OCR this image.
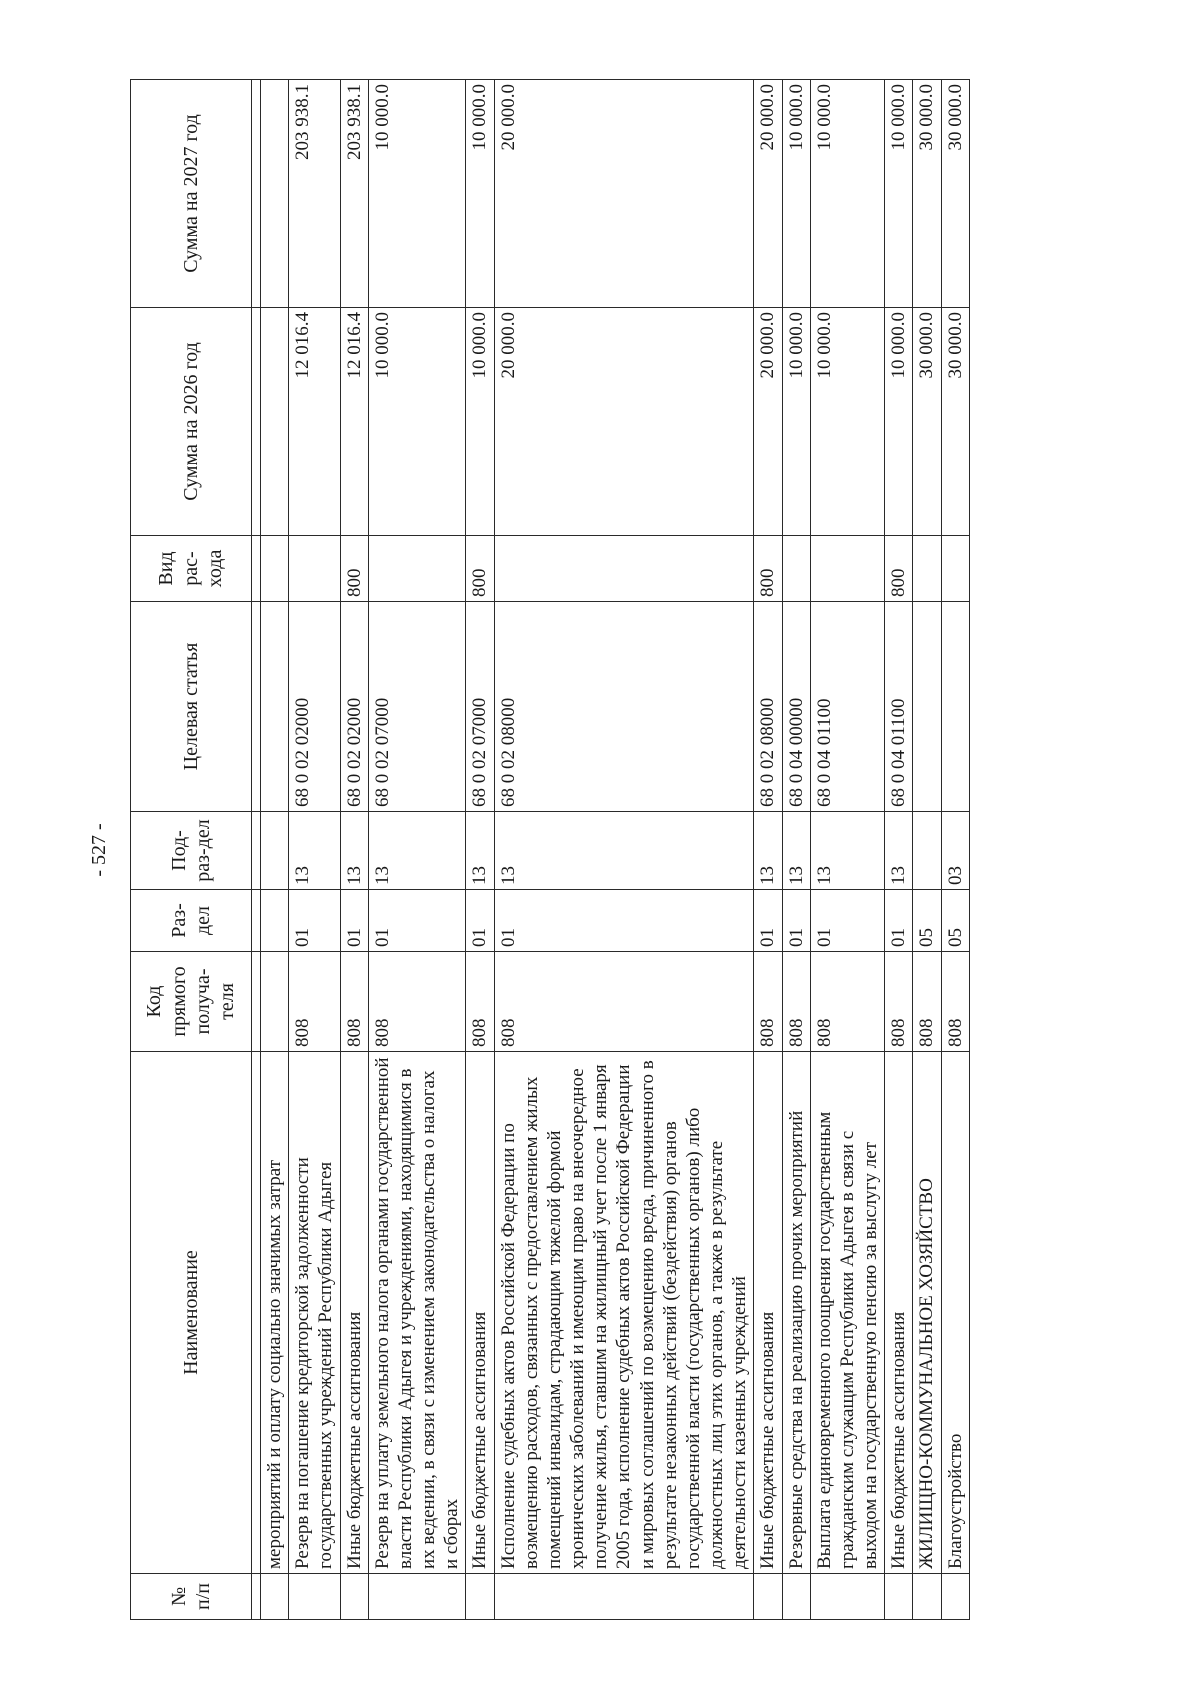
- 527 -
№ п/п	Наименование	Код прямого получа-теля	Раз-дел	Под-раз-дел	Целевая статья	Вид рас-хода	Сумма на 2026 год	Сумма на 2027 год

	мероприятий и оплату социально значимых затрат							
	Резерв на погашение кредиторской задолженности государственных учреждений Республики Адыгея	808	01	13	68 0 02 02000		12 016.4	203 938.1
	Иные бюджетные ассигнования	808	01	13	68 0 02 02000	800	12 016.4	203 938.1
	Резерв на уплату земельного налога органами государственной власти Республики Адыгея и учреждениями, находящимися в их ведении, в связи с изменением законодательства о налогах и сборах	808	01	13	68 0 02 07000		10 000.0	10 000.0
	Иные бюджетные ассигнования	808	01	13	68 0 02 07000	800	10 000.0	10 000.0
	Исполнение судебных актов Российской Федерации по возмещению расходов, связанных с предоставлением жилых помещений инвалидам, страдающим тяжелой формой хронических заболеваний и имеющим право на внеочередное получение жилья, ставшим на жилищный учет после 1 января 2005 года, исполнение судебных актов Российской Федерации и мировых соглашений по возмещению вреда, причиненного в результате незаконных действий (бездействия) органов государственной власти (государственных органов) либо должностных лиц этих органов, а также в результате деятельности казенных учреждений	808	01	13	68 0 02 08000		20 000.0	20 000.0
	Иные бюджетные ассигнования	808	01	13	68 0 02 08000	800	20 000.0	20 000.0
	Резервные средства на реализацию прочих мероприятий	808	01	13	68 0 04 00000		10 000.0	10 000.0
	Выплата единовременного поощрения государственным гражданским служащим Республики Адыгея в связи с выходом на государственную пенсию за выслугу лет	808	01	13	68 0 04 01100		10 000.0	10 000.0
	Иные бюджетные ассигнования	808	01	13	68 0 04 01100	800	10 000.0	10 000.0
	ЖИЛИЩНО-КОММУНАЛЬНОЕ ХОЗЯЙСТВО	808	05				30 000.0	30 000.0
	Благоустройство	808	05	03			30 000.0	30 000.0
